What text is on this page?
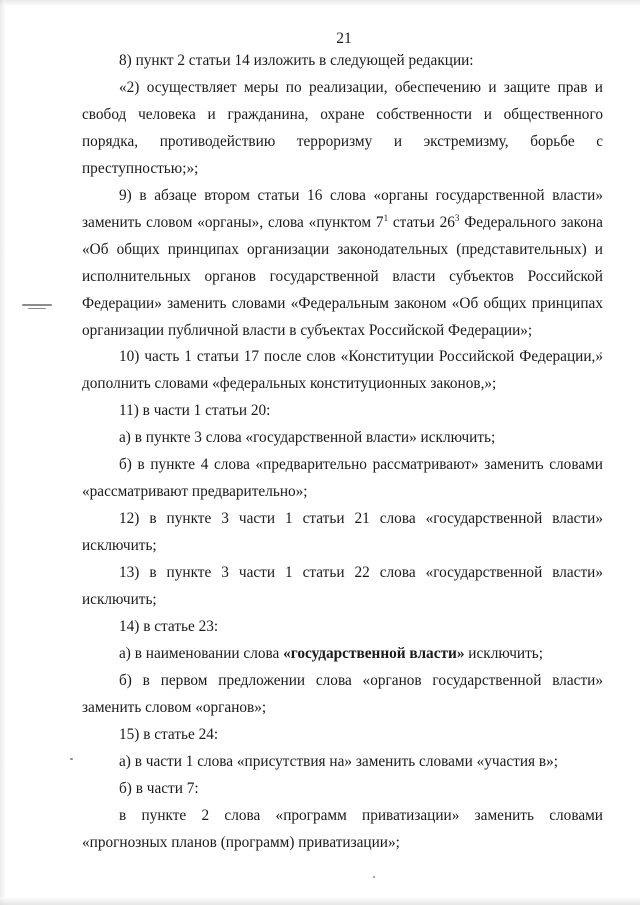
21

8) пункт 2 статьи 14 изложить в следующей редакции:

«2) осуществляет меры по реализации, обеспечению и защите прав и свобод человека и гражданина, охране собственности и общественного порядка, противодействию терроризму и экстремизму, борьбе с преступностью;»;

9) в абзаце втором статьи 16 слова «органы государственной власти» заменить словом «органы», слова «пунктом $7^1$ статьи $26^3$ Федерального закона «Об общих принципах организации законодательных (представительных) и исполнительных органов государственной власти субъектов Российской Федерации» заменить словами «Федеральным законом «Об общих принципах организации публичной власти в субъектах Российской Федерации»;

10) часть 1 статьи 17 после слов «Конституции Российской Федерации,» дополнить словами «федеральных конституционных законов,»;

11) в части 1 статьи 20:

а) в пункте 3 слова «государственной власти» исключить;

б) в пункте 4 слова «предварительно рассматривают» заменить словами «рассматривают предварительно»;

12) в пункте 3 части 1 статьи 21 слова «государственной власти» исключить;

13) в пункте 3 части 1 статьи 22 слова «государственной власти» исключить;

14) в статье 23:

а) в наименовании слова «государственной власти» исключить;

б) в первом предложении слова «органов государственной власти» заменить словом «органов»;

15) в статье 24:

а) в части 1 слова «присутствия на» заменить словами «участия в»;

б) в части 7:

в пункте 2 слова «программ приватизации» заменить словами «прогнозных планов (программ) приватизации»;
